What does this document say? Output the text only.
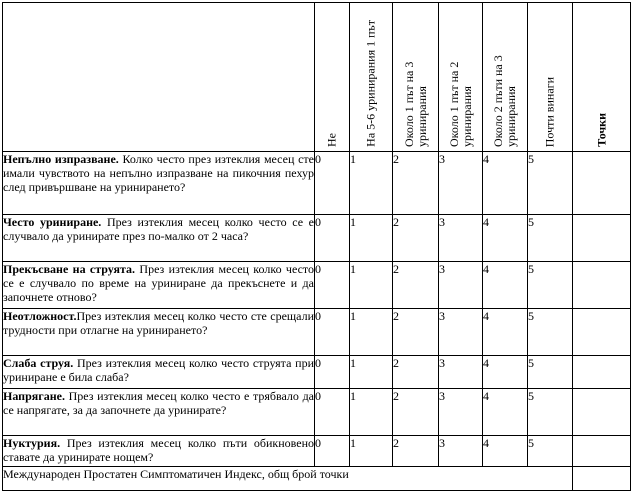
	Не	На 5-6 уринирания 1 път	Около 1 път на 3 уринирания	Около 1 път на 2 уринирания	Около 2 пъти на 3 уринирания	Почти винаги	Точки

Непълно изпразване. Колко често през изтеклия месец сте имали чувството на непълно изпразване на пикочния пехур след привършване на уринирането?	0	1	2	3	4	5	
Често уриниране. През изтеклия месец колко често се е случвало да уринирате през по-малко от 2 часа?	0	1	2	3	4	5	
Прекъсване на струята. През изтеклия месец колко често се е случвало по време на уриниране да прекъснете и да започнете отново?	0	1	2	3	4	5	
Неотложност.През изтеклия месец колко често сте срещали трудности при отлагне на уринирането?	0	1	2	3	4	5	
Слаба струя. През изтеклия месец колко често струята при уриниране е била слаба?	0	1	2	3	4	5	
Напрягане. През изтеклия месец колко често е трябвало да се напрягате, за да започнете да уринирате?	0	1	2	3	4	5	
Нуктурия. През изтеклия месец колко пъти обикновено ставате да уринирате нощем?	0	1	2	3	4	5	
Международен Простатен Симптоматичен Индекс, общ брой точки							
